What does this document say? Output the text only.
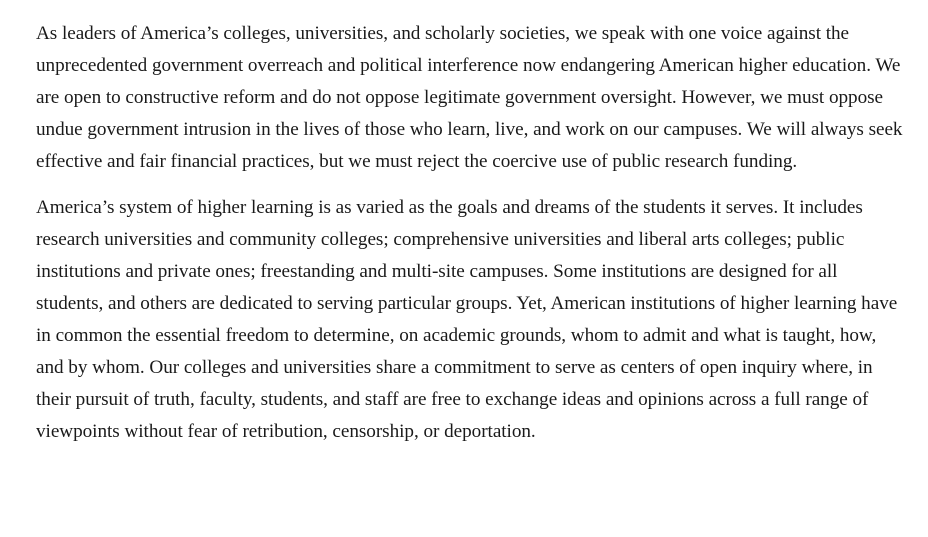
As leaders of America’s colleges, universities, and scholarly societies, we speak with one voice against the unprecedented government overreach and political interference now endangering American higher education. We are open to constructive reform and do not oppose legitimate government oversight. However, we must oppose undue government intrusion in the lives of those who learn, live, and work on our campuses. We will always seek effective and fair financial practices, but we must reject the coercive use of public research funding.

America’s system of higher learning is as varied as the goals and dreams of the students it serves. It includes research universities and community colleges; comprehensive universities and liberal arts colleges; public institutions and private ones; freestanding and multi-site campuses. Some institutions are designed for all students, and others are dedicated to serving particular groups. Yet, American institutions of higher learning have in common the essential freedom to determine, on academic grounds, whom to admit and what is taught, how, and by whom. Our colleges and universities share a commitment to serve as centers of open inquiry where, in their pursuit of truth, faculty, students, and staff are free to exchange ideas and opinions across a full range of viewpoints without fear of retribution, censorship, or deportation.
